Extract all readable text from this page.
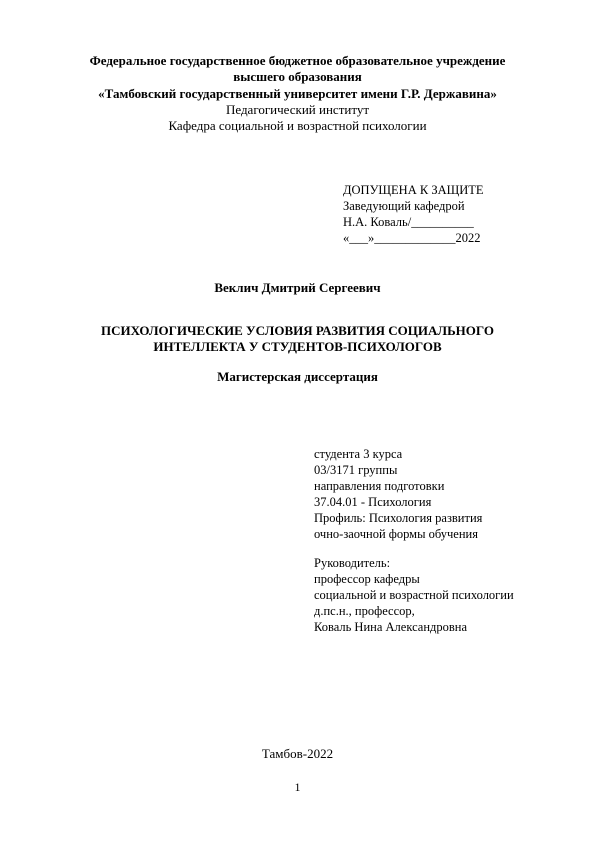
Федеральное государственное бюджетное образовательное учреждение
высшего образования
«Тамбовский государственный университет имени Г.Р. Державина»
Педагогический институт
Кафедра социальной и возрастной психологии
ДОПУЩЕНА К ЗАЩИТЕ
Заведующий кафедрой
Н.А. Коваль/__________
«___»_____________2022
Веклич Дмитрий Сергеевич
ПСИХОЛОГИЧЕСКИЕ УСЛОВИЯ РАЗВИТИЯ СОЦИАЛЬНОГО
ИНТЕЛЛЕКТА У СТУДЕНТОВ-ПСИХОЛОГОВ
Магистерская диссертация
студента 3 курса
03/3171 группы
направления подготовки
37.04.01 - Психология
Профиль: Психология развития
очно-заочной формы обучения
Руководитель:
профессор кафедры
социальной и возрастной психологии
д.пс.н., профессор,
Коваль Нина Александровна
Тамбов-2022
1
